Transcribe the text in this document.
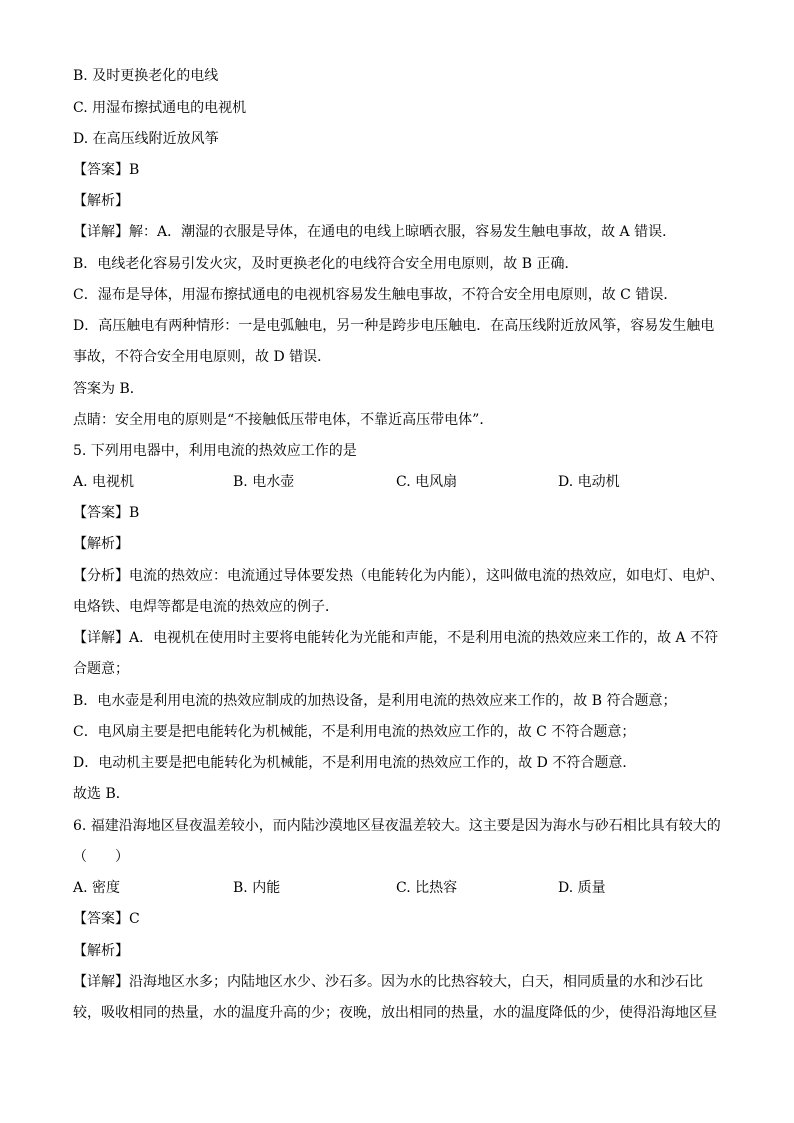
B. 及时更换老化的电线
C. 用湿布擦拭通电的电视机
D. 在高压线附近放风筝
【答案】B
【解析】
【详解】解：A．潮湿的衣服是导体，在通电的电线上晾晒衣服，容易发生触电事故，故 A 错误．
B．电线老化容易引发火灾，及时更换老化的电线符合安全用电原则，故 B 正确．
C．湿布是导体，用湿布擦拭通电的电视机容易发生触电事故，不符合安全用电原则，故 C 错误．
D．高压触电有两种情形：一是电弧触电，另一种是跨步电压触电．在高压线附近放风筝，容易发生触电
事故，不符合安全用电原则，故 D 错误．
答案为 B．
点睛：安全用电的原则是“不接触低压带电体，不靠近高压带电体”．
5. 下列用电器中，利用电流的热效应工作的是
A. 电视机	B. 电水壶	C. 电风扇	D. 电动机
【答案】B
【解析】
【分析】电流的热效应：电流通过导体要发热（电能转化为内能），这叫做电流的热效应，如电灯、电炉、
电烙铁、电焊等都是电流的热效应的例子．
【详解】A．电视机在使用时主要将电能转化为光能和声能，不是利用电流的热效应来工作的，故 A 不符
合题意；
B．电水壶是利用电流的热效应制成的加热设备，是利用电流的热效应来工作的，故 B 符合题意；
C．电风扇主要是把电能转化为机械能，不是利用电流的热效应工作的，故 C 不符合题意；
D．电动机主要是把电能转化为机械能，不是利用电流的热效应工作的，故 D 不符合题意．
故选 B．
6. 福建沿海地区昼夜温差较小，而内陆沙漠地区昼夜温差较大。这主要是因为海水与砂石相比具有较大的
（　　）
A. 密度	B. 内能	C. 比热容	D. 质量
【答案】C
【解析】
【详解】沿海地区水多；内陆地区水少、沙石多。因为水的比热容较大，白天，相同质量的水和沙石比
较，吸收相同的热量，水的温度升高的少；夜晚，放出相同的热量，水的温度降低的少，使得沿海地区昼
